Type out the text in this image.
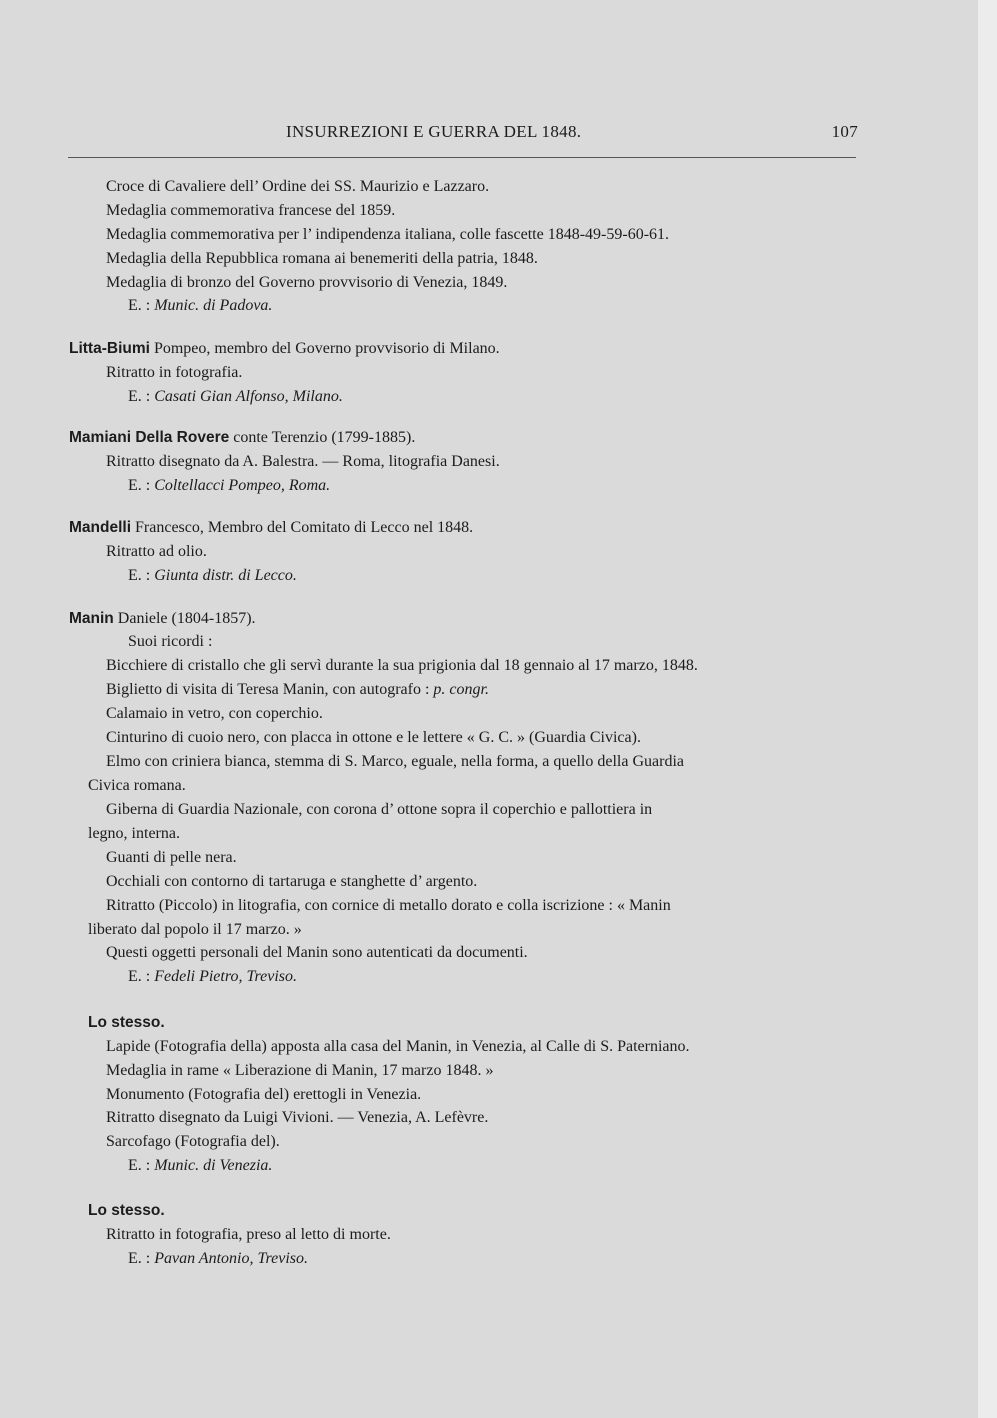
INSURREZIONI E GUERRA DEL 1848.	107
Croce di Cavaliere dell’ Ordine dei SS. Maurizio e Lazzaro.
Medaglia commemorativa francese del 1859.
Medaglia commemorativa per l’ indipendenza italiana, colle fascette 1848-49-59-60-61.
Medaglia della Repubblica romana ai benemeriti della patria, 1848.
Medaglia di bronzo del Governo provvisorio di Venezia, 1849.
E. : Munic. di Padova.
Litta-Biumi Pompeo, membro del Governo provvisorio di Milano.
Ritratto in fotografia.
E. : Casati Gian Alfonso, Milano.
Mamiani Della Rovere conte Terenzio (1799-1885).
Ritratto disegnato da A. Balestra. — Roma, litografia Danesi.
E. : Coltellacci Pompeo, Roma.
Mandelli Francesco, Membro del Comitato di Lecco nel 1848.
Ritratto ad olio.
E. : Giunta distr. di Lecco.
Manin Daniele (1804-1857).
Suoi ricordi :
Bicchiere di cristallo che gli servì durante la sua prigionia dal 18 gennaio al 17 marzo, 1848.
Biglietto di visita di Teresa Manin, con autografo : p. congr.
Calamaio in vetro, con coperchio.
Cinturino di cuoio nero, con placca in ottone e le lettere « G. C. » (Guardia Civica).
Elmo con criniera bianca, stemma di S. Marco, eguale, nella forma, a quello della Guardia
Civica romana.
Giberna di Guardia Nazionale, con corona d’ ottone sopra il coperchio e pallottiera in
legno, interna.
Guanti di pelle nera.
Occhiali con contorno di tartaruga e stanghette d’ argento.
Ritratto (Piccolo) in litografia, con cornice di metallo dorato e colla iscrizione : « Manin
liberato dal popolo il 17 marzo. »
Questi oggetti personali del Manin sono autenticati da documenti.
E. : Fedeli Pietro, Treviso.
Lo stesso.
Lapide (Fotografia della) apposta alla casa del Manin, in Venezia, al Calle di S. Paterniano.
Medaglia in rame « Liberazione di Manin, 17 marzo 1848. »
Monumento (Fotografia del) erettogli in Venezia.
Ritratto disegnato da Luigi Vivioni. — Venezia, A. Lefèvre.
Sarcofago (Fotografia del).
E. : Munic. di Venezia.
Lo stesso.
Ritratto in fotografia, preso al letto di morte.
E. : Pavan Antonio, Treviso.
